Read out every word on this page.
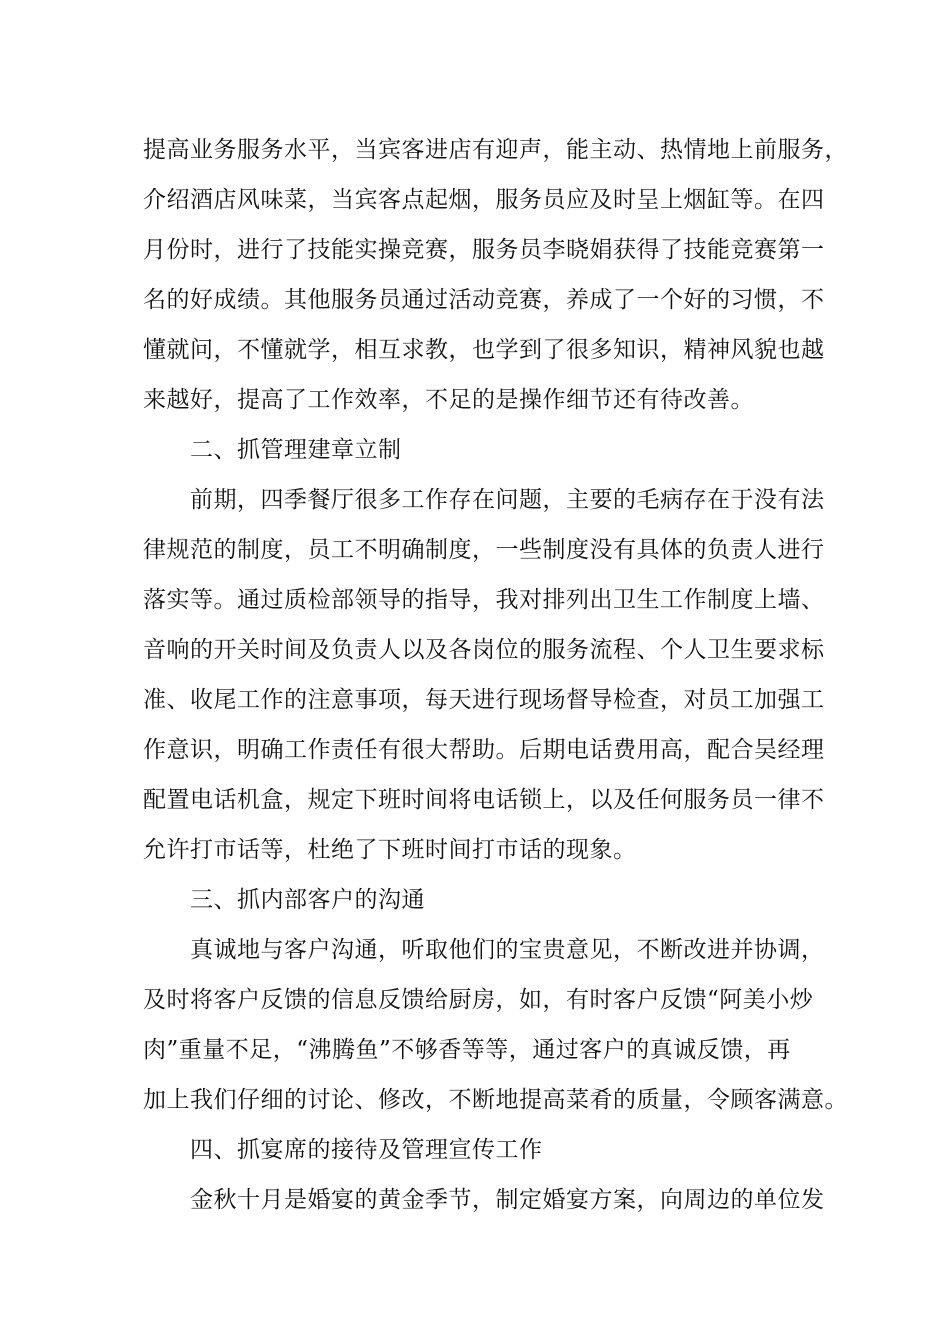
提高业务服务水平，当宾客进店有迎声，能主动、热情地上前服务，
介绍酒店风味菜，当宾客点起烟，服务员应及时呈上烟缸等。在四
月份时，进行了技能实操竞赛，服务员李晓娟获得了技能竞赛第一
名的好成绩。其他服务员通过活动竞赛，养成了一个好的习惯，不
懂就问，不懂就学，相互求教，也学到了很多知识，精神风貌也越
来越好，提高了工作效率，不足的是操作细节还有待改善。
二、抓管理建章立制
前期，四季餐厅很多工作存在问题，主要的毛病存在于没有法
律规范的制度，员工不明确制度，一些制度没有具体的负责人进行
落实等。通过质检部领导的指导，我对排列出卫生工作制度上墙、
音响的开关时间及负责人以及各岗位的服务流程、个人卫生要求标
准、收尾工作的注意事项，每天进行现场督导检查，对员工加强工
作意识，明确工作责任有很大帮助。后期电话费用高，配合吴经理
配置电话机盒，规定下班时间将电话锁上，以及任何服务员一律不
允许打市话等，杜绝了下班时间打市话的现象。
三、抓内部客户的沟通
真诚地与客户沟通，听取他们的宝贵意见，不断改进并协调，
及时将客户反馈的信息反馈给厨房，如，有时客户反馈“阿美小炒
肉”重量不足，“沸腾鱼”不够香等等，通过客户的真诚反馈，再
加上我们仔细的讨论、修改，不断地提高菜肴的质量，令顾客满意。
四、抓宴席的接待及管理宣传工作
金秋十月是婚宴的黄金季节，制定婚宴方案，向周边的单位发
